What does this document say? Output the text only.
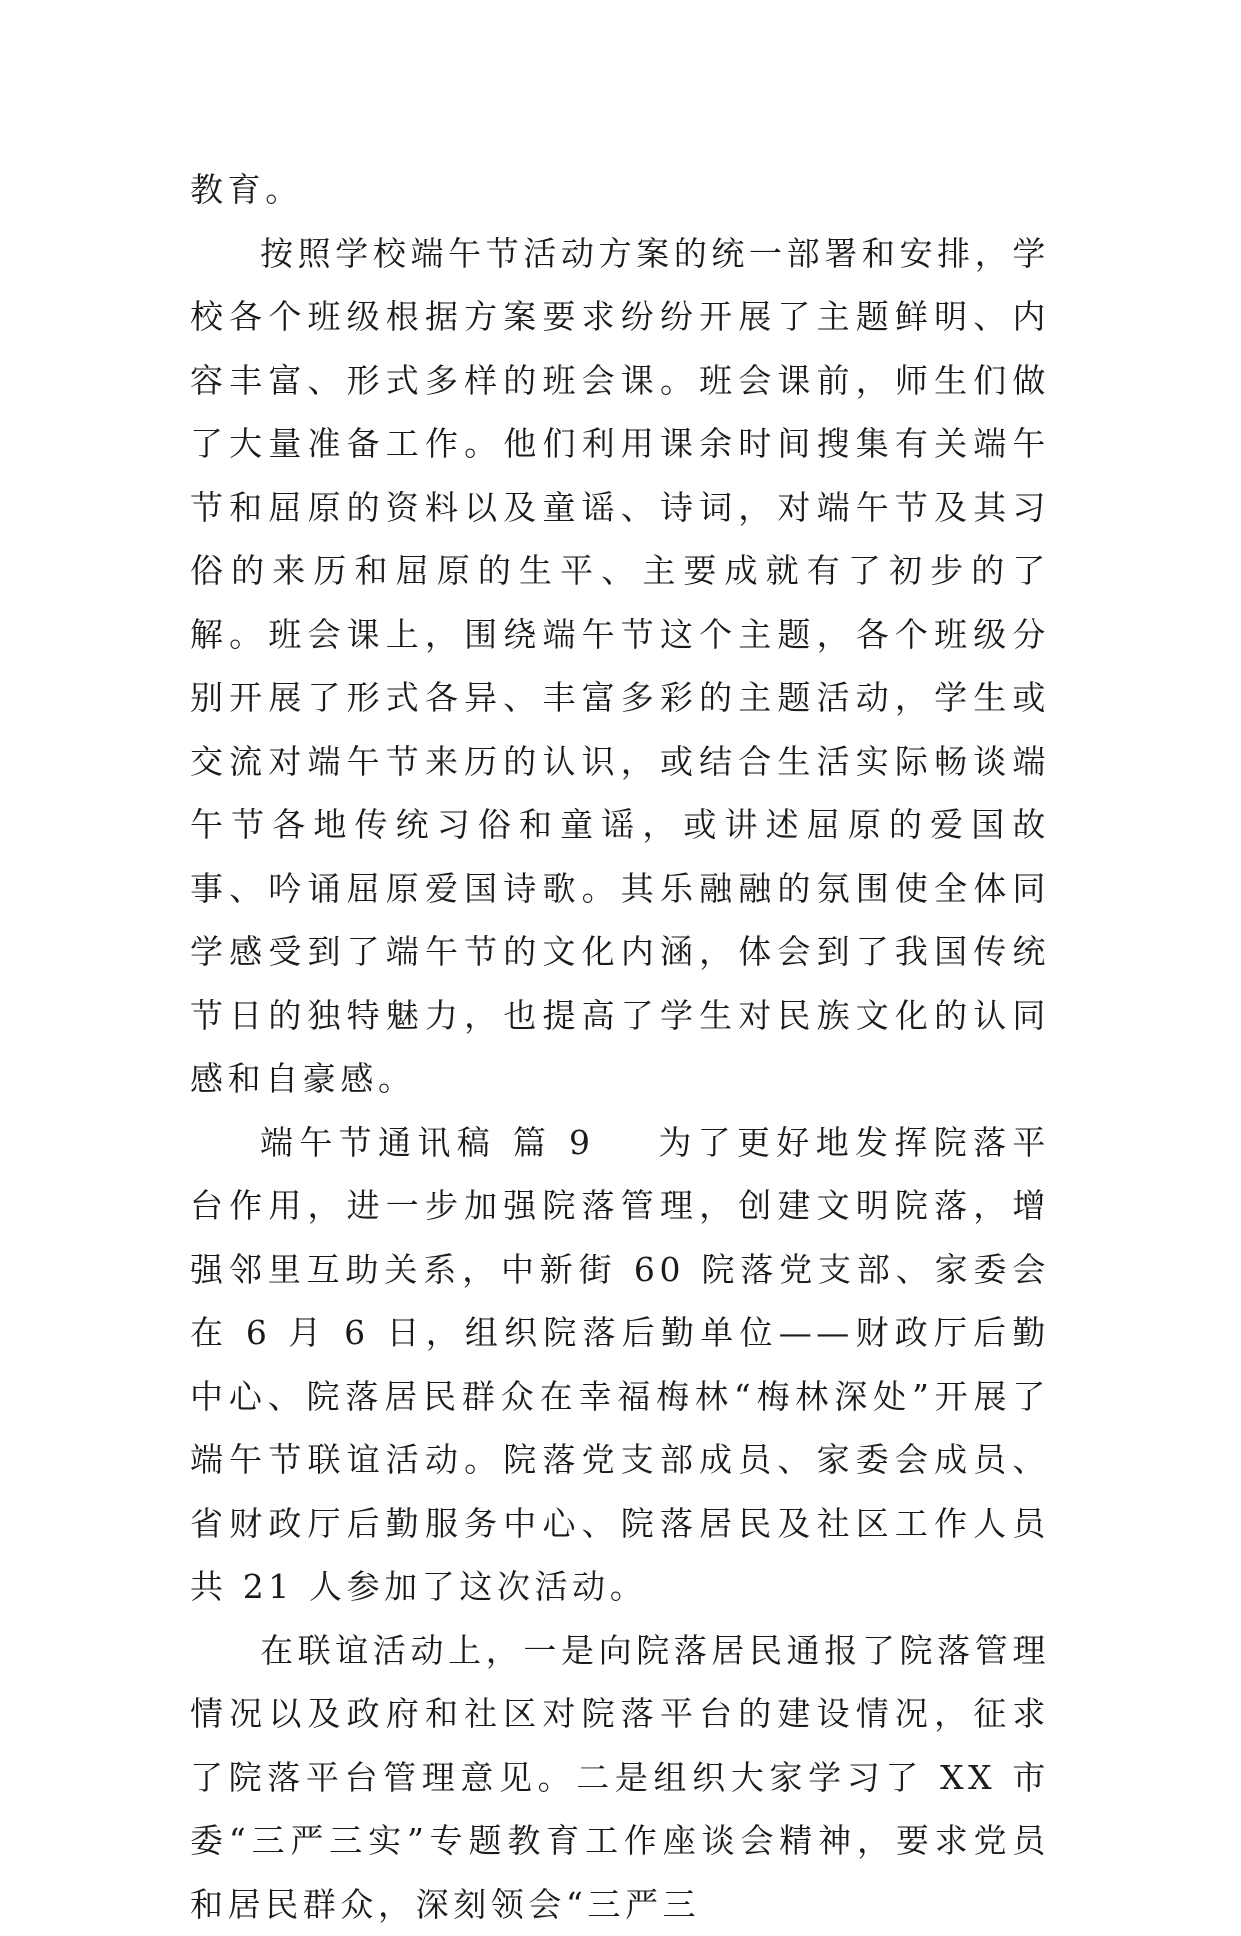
教育。

按照学校端午节活动方案的统一部署和安排，学校各个班级根据方案要求纷纷开展了主题鲜明、内容丰富、形式多样的班会课。班会课前，师生们做了大量准备工作。他们利用课余时间搜集有关端午节和屈原的资料以及童谣、诗词，对端午节及其习俗的来历和屈原的生平、主要成就有了初步的了解。班会课上，围绕端午节这个主题，各个班级分别开展了形式各异、丰富多彩的主题活动，学生或交流对端午节来历的认识，或结合生活实际畅谈端午节各地传统习俗和童谣，或讲述屈原的爱国故事、吟诵屈原爱国诗歌。其乐融融的氛围使全体同学感受到了端午节的文化内涵，体会到了我国传统节日的独特魅力，也提高了学生对民族文化的认同感和自豪感。

端午节通讯稿 篇 9 为了更好地发挥院落平台作用，进一步加强院落管理，创建文明院落，增强邻里互助关系，中新街 60 院落党支部、家委会在 6 月 6 日，组织院落后勤单位——财政厅后勤中心、院落居民群众在幸福梅林“梅林深处”开展了端午节联谊活动。院落党支部成员、家委会成员、省财政厅后勤服务中心、院落居民及社区工作人员共 21 人参加了这次活动。

在联谊活动上，一是向院落居民通报了院落管理情况以及政府和社区对院落平台的建设情况，征求了院落平台管理意见。二是组织大家学习了 XX 市委“三严三实”专题教育工作座谈会精神，要求党员和居民群众，深刻领会“三严三
